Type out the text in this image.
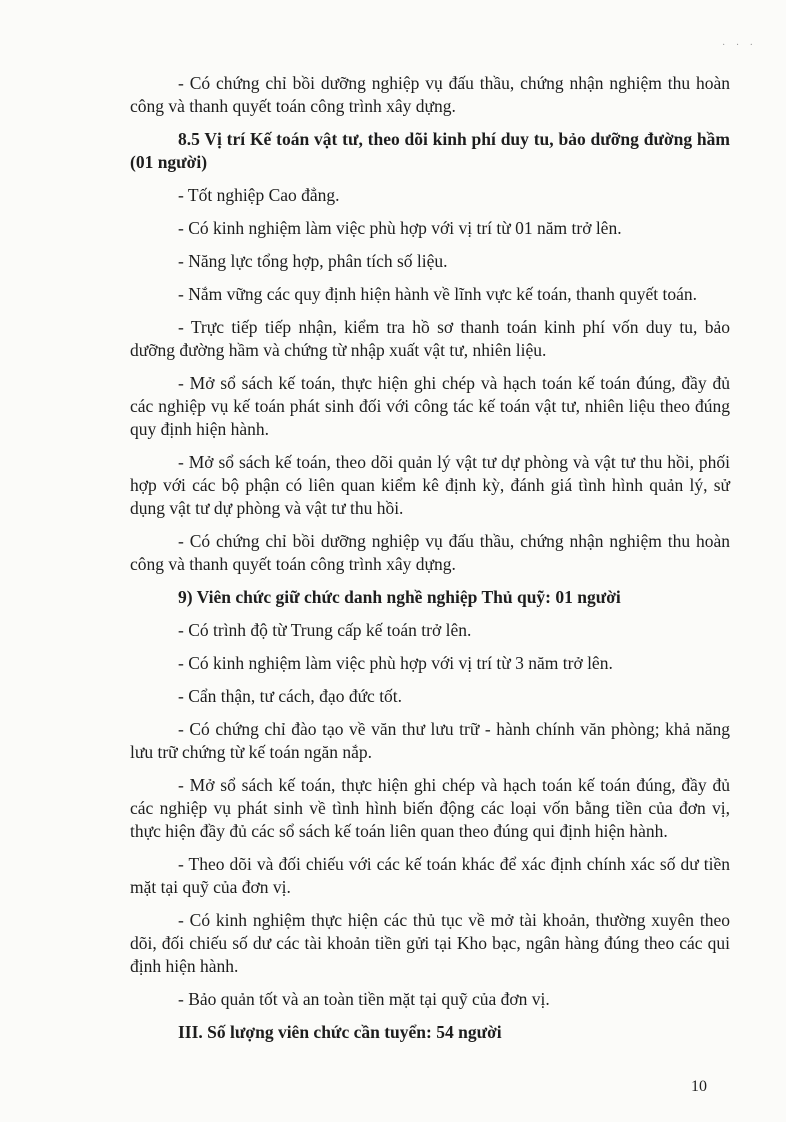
· · ·

- Có chứng chỉ bồi dưỡng nghiệp vụ đấu thầu, chứng nhận nghiệm thu hoàn công và thanh quyết toán công trình xây dựng.

8.5 Vị trí Kế toán vật tư, theo dõi kinh phí duy tu, bảo dưỡng đường hầm (01 người)

- Tốt nghiệp Cao đẳng.

- Có kinh nghiệm làm việc phù hợp với vị trí từ 01 năm trở lên.

- Năng lực tổng hợp, phân tích số liệu.

- Nắm vững các quy định hiện hành về lĩnh vực kế toán, thanh quyết toán.

- Trực tiếp tiếp nhận, kiểm tra hồ sơ thanh toán kinh phí vốn duy tu, bảo dưỡng đường hầm và chứng từ nhập xuất vật tư, nhiên liệu.

- Mở sổ sách kế toán, thực hiện ghi chép và hạch toán kế toán đúng, đầy đủ các nghiệp vụ kế toán phát sinh đối với công tác kế toán vật tư, nhiên liệu theo đúng quy định hiện hành.

- Mở sổ sách kế toán, theo dõi quản lý vật tư dự phòng và vật tư thu hồi, phối hợp với các bộ phận có liên quan kiểm kê định kỳ, đánh giá tình hình quản lý, sử dụng vật tư dự phòng và vật tư thu hồi.

- Có chứng chỉ bồi dưỡng nghiệp vụ đấu thầu, chứng nhận nghiệm thu hoàn công và thanh quyết toán công trình xây dựng.

9) Viên chức giữ chức danh nghề nghiệp Thủ quỹ: 01 người

- Có trình độ từ Trung cấp kế toán trở lên.

- Có kinh nghiệm làm việc phù hợp với vị trí từ 3 năm trở lên.

- Cẩn thận, tư cách, đạo đức tốt.

- Có chứng chỉ đào tạo về văn thư lưu trữ - hành chính văn phòng; khả năng lưu trữ chứng từ kế toán ngăn nắp.

- Mở sổ sách kế toán, thực hiện ghi chép và hạch toán kế toán đúng, đầy đủ các nghiệp vụ phát sinh về tình hình biến động các loại vốn bằng tiền của đơn vị, thực hiện đầy đủ các sổ sách kế toán liên quan theo đúng qui định hiện hành.

- Theo dõi và đối chiếu với các kế toán khác để xác định chính xác số dư tiền mặt tại quỹ của đơn vị.

- Có kinh nghiệm thực hiện các thủ tục về mở tài khoản, thường xuyên theo dõi, đối chiếu số dư các tài khoản tiền gửi tại Kho bạc, ngân hàng đúng theo các qui định hiện hành.

- Bảo quản tốt và an toàn tiền mặt tại quỹ của đơn vị.

III. Số lượng viên chức cần tuyển: 54 người

10
